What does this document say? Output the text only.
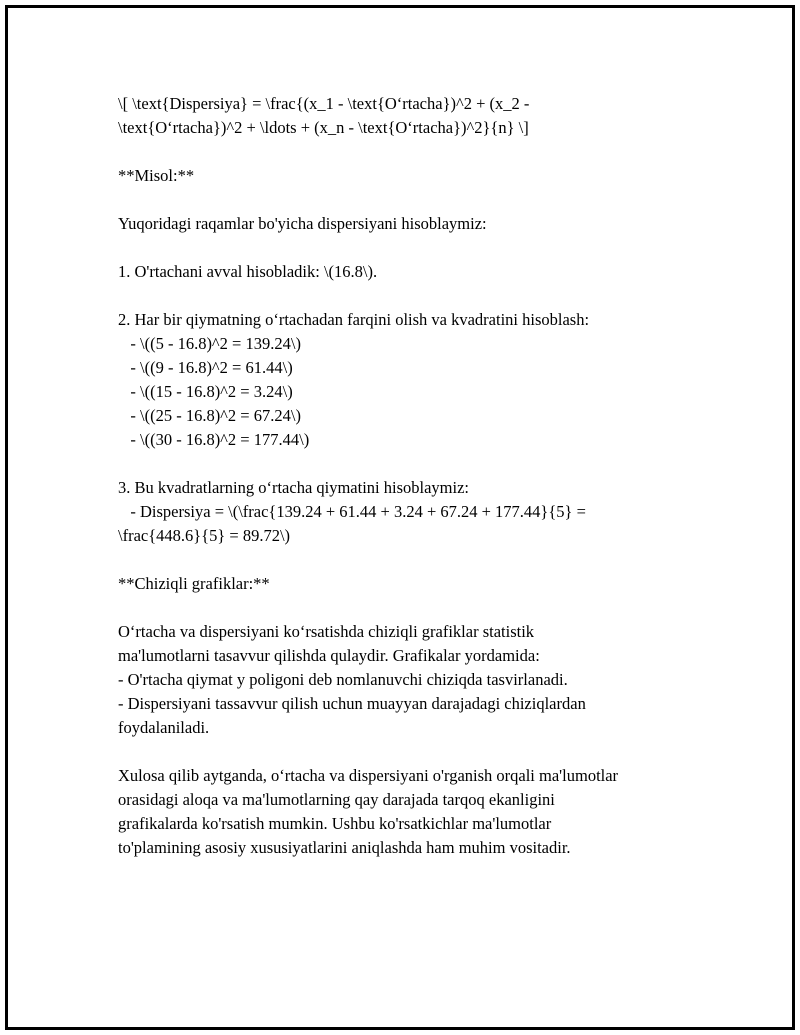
\[ \text{Dispersiya} = \frac{(x_1 - \text{O‘rtacha})^2 + (x_2 -
\text{O‘rtacha})^2 + \ldots + (x_n - \text{O‘rtacha})^2}{n} \]
**Misol:**
Yuqoridagi raqamlar bo'yicha dispersiyani hisoblaymiz:
1. O'rtachani avval hisobladik: \(16.8\).
2. Har bir qiymatning o‘rtachadan farqini olish va kvadratini hisoblash:
- \((5 - 16.8)^2 = 139.24\)
- \((9 - 16.8)^2 = 61.44\)
- \((15 - 16.8)^2 = 3.24\)
- \((25 - 16.8)^2 = 67.24\)
- \((30 - 16.8)^2 = 177.44\)
3. Bu kvadratlarning o‘rtacha qiymatini hisoblaymiz:
- Dispersiya = \(\frac{139.24 + 61.44 + 3.24 + 67.24 + 177.44}{5} =
\frac{448.6}{5} = 89.72\)
**Chiziqli grafiklar:**
O‘rtacha va dispersiyani ko‘rsatishda chiziqli grafiklar statistik
ma'lumotlarni tasavvur qilishda qulaydir. Grafikalar yordamida:
- O'rtacha qiymat y poligoni deb nomlanuvchi chiziqda tasvirlanadi.
- Dispersiyani tassavvur qilish uchun muayyan darajadagi chiziqlardan
foydalaniladi.
Xulosa qilib aytganda, o‘rtacha va dispersiyani o'rganish orqali ma'lumotlar
orasidagi aloqa va ma'lumotlarning qay darajada tarqoq ekanligini
grafikalarda ko'rsatish mumkin. Ushbu ko'rsatkichlar ma'lumotlar
to'plamining asosiy xususiyatlarini aniqlashda ham muhim vositadir.
